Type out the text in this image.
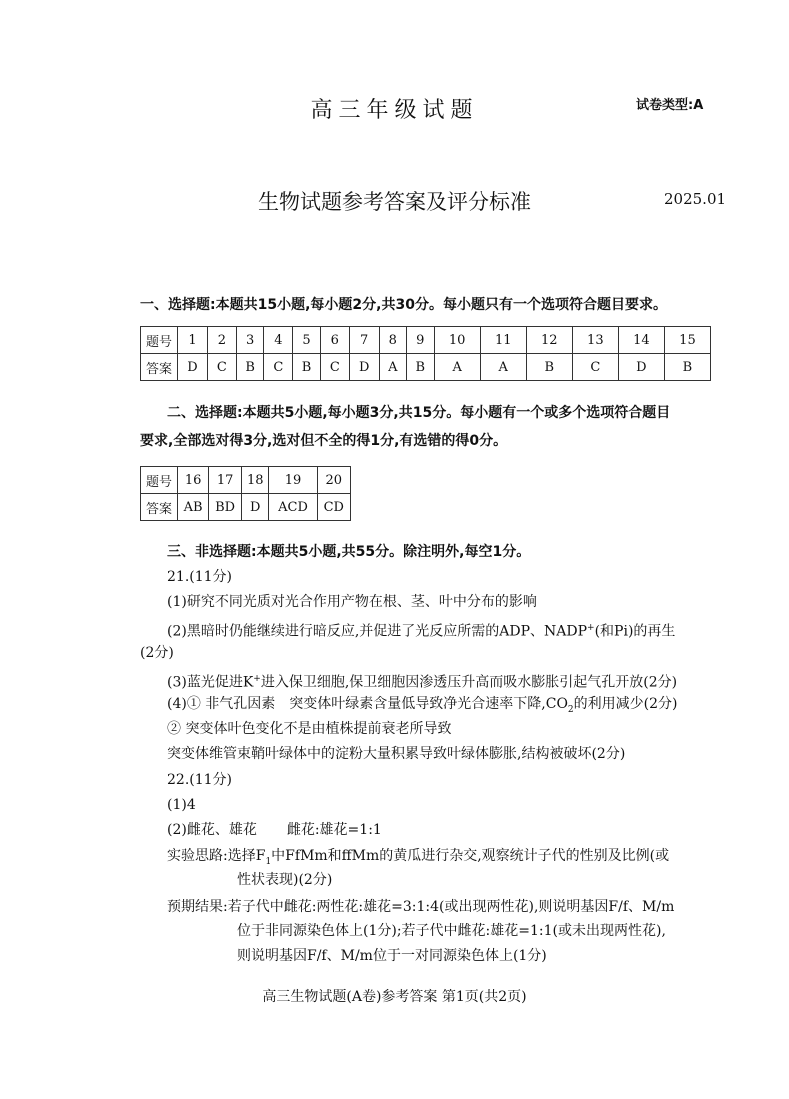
高三年级试题	试卷类型:A
生物试题参考答案及评分标准	2025.01
一、选择题:本题共15小题,每小题2分,共30分。每小题只有一个选项符合题目要求。
题号	1	2	3	4	5	6	7	8	9	10	11	12	13	14	15
答案	D	C	B	C	B	C	D	A	B	A	A	B	C	D	B
二、选择题:本题共5小题,每小题3分,共15分。每小题有一个或多个选项符合题目
要求,全部选对得3分,选对但不全的得1分,有选错的得0分。
题号	16	17	18	19	20
答案	AB	BD	D	ACD	CD
三、非选择题:本题共5小题,共55分。除注明外,每空1分。
21.(11分)
(1)研究不同光质对光合作用产物在根、茎、叶中分布的影响
(2)黑暗时仍能继续进行暗反应,并促进了光反应所需的ADP、NADP+(和Pi)的再生
(2分)
(3)蓝光促进K+进入保卫细胞,保卫细胞因渗透压升高而吸水膨胀引起气孔开放(2分)
(4)① 非气孔因素 突变体叶绿素含量低导致净光合速率下降$,CO_2$的利用减少(2分)
② 突变体叶色变化不是由植株提前衰老所导致
突变体维管束鞘叶绿体中的淀粉大量积累导致叶绿体膨胀,结构被破坏(2分)
22.(11分)
(1)4
(2)雌花、雄花 雌花:雄花=1:1
实验思路:选择$F_1$中FfMm和ffMm的黄瓜进行杂交,观察统计子代的性别及比例(或
性状表现)(2分)
预期结果:若子代中雌花:两性花:雄花=3:1:4(或出现两性花),则说明基因F/f、M/m
位于非同源染色体上(1分);若子代中雌花:雄花=1:1(或未出现两性花),
则说明基因F/f、M/m位于一对同源染色体上(1分)
高三生物试题(A卷)参考答案 第1页(共2页)
